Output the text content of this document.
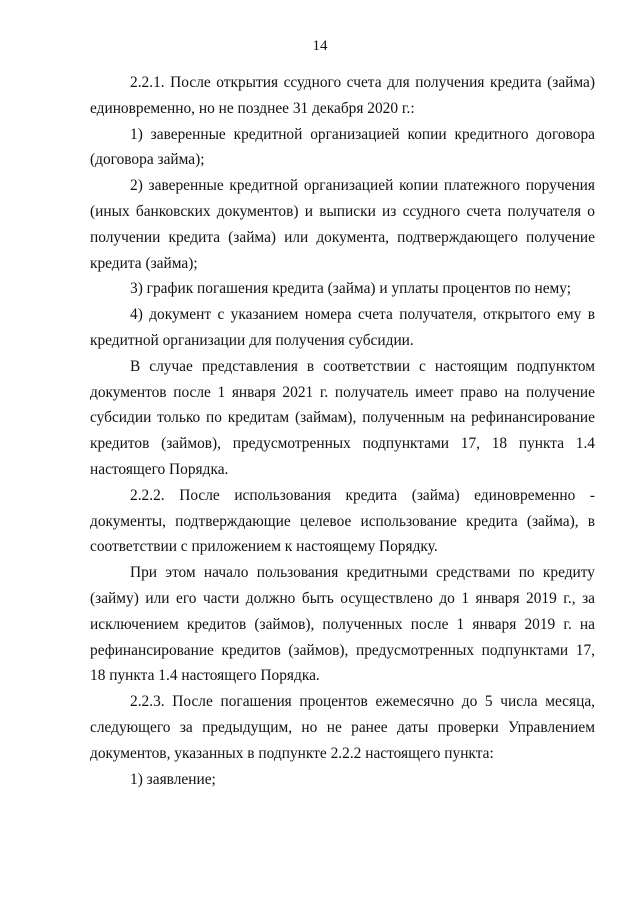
14

2.2.1. После открытия ссудного счета для получения кредита (займа) единовременно, но не позднее 31 декабря 2020 г.:

1) заверенные кредитной организацией копии кредитного договора (договора займа);

2) заверенные кредитной организацией копии платежного поручения (иных банковских документов) и выписки из ссудного счета получателя о получении кредита (займа) или документа, подтверждающего получение кредита (займа);

3) график погашения кредита (займа) и уплаты процентов по нему;

4) документ с указанием номера счета получателя, открытого ему в кредитной организации для получения субсидии.

В случае представления в соответствии с настоящим подпунктом документов после 1 января 2021 г. получатель имеет право на получение субсидии только по кредитам (займам), полученным на рефинансирование кредитов (займов), предусмотренных подпунктами 17, 18 пункта 1.4 настоящего Порядка.

2.2.2. После использования кредита (займа) единовременно - документы, подтверждающие целевое использование кредита (займа), в соответствии с приложением к настоящему Порядку.

При этом начало пользования кредитными средствами по кредиту (займу) или его части должно быть осуществлено до 1 января 2019 г., за исключением кредитов (займов), полученных после 1 января 2019 г. на рефинансирование кредитов (займов), предусмотренных подпунктами 17, 18 пункта 1.4 настоящего Порядка.

2.2.3. После погашения процентов ежемесячно до 5 числа месяца, следующего за предыдущим, но не ранее даты проверки Управлением документов, указанных в подпункте 2.2.2 настоящего пункта:

1) заявление;
